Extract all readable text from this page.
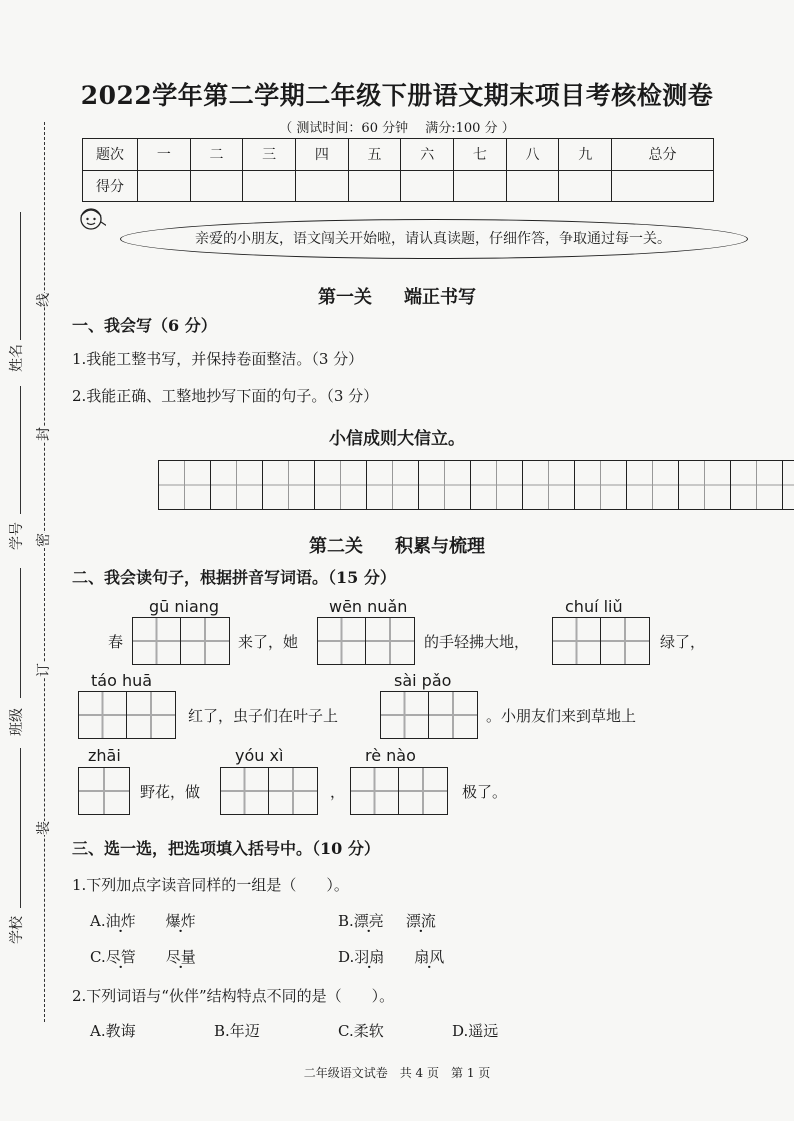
姓名
学号
班级
学校
线
封
密
订
装
2022学年第二学期二年级下册语文期末项目考核检测卷
（ 测试时间：60 分钟 　满分:100 分 ）
题次	一	二	三	四	五	六	七	八	九	总分
得分										
亲爱的小朋友，语文闯关开始啦，请认真读题，仔细作答，争取通过每一关。
第一关 端正书写
一、我会写（6 分）
1.我能工整书写，并保持卷面整洁。（3 分）
2.我能正确、工整地抄写下面的句子。（3 分）
小信成则大信立。
第二关 积累与梳理
二、我会读句子，根据拼音写词语。（15 分）
gū niang
春	来了，她
wēn nuǎn
的手轻拂大地，
chuí liǔ
绿了，
táo huā
红了，虫子们在叶子上
sài pǎo
。小朋友们来到草地上
zhāi
野花，做
yóu xì
，
rè nào
极了。
三、选一选，把选项填入括号中。（10 分）
1.下列加点字读音同样的一组是（　　）。
A.油炸 爆炸	B.漂亮 漂流
C.尽管 尽量	D.羽扇 扇风
2.下列词语与“伙伴”结构特点不同的是（　　）。
A.教诲	B.年迈	C.柔软	D.遥远
二年级语文试卷　共 4 页　第 1 页
